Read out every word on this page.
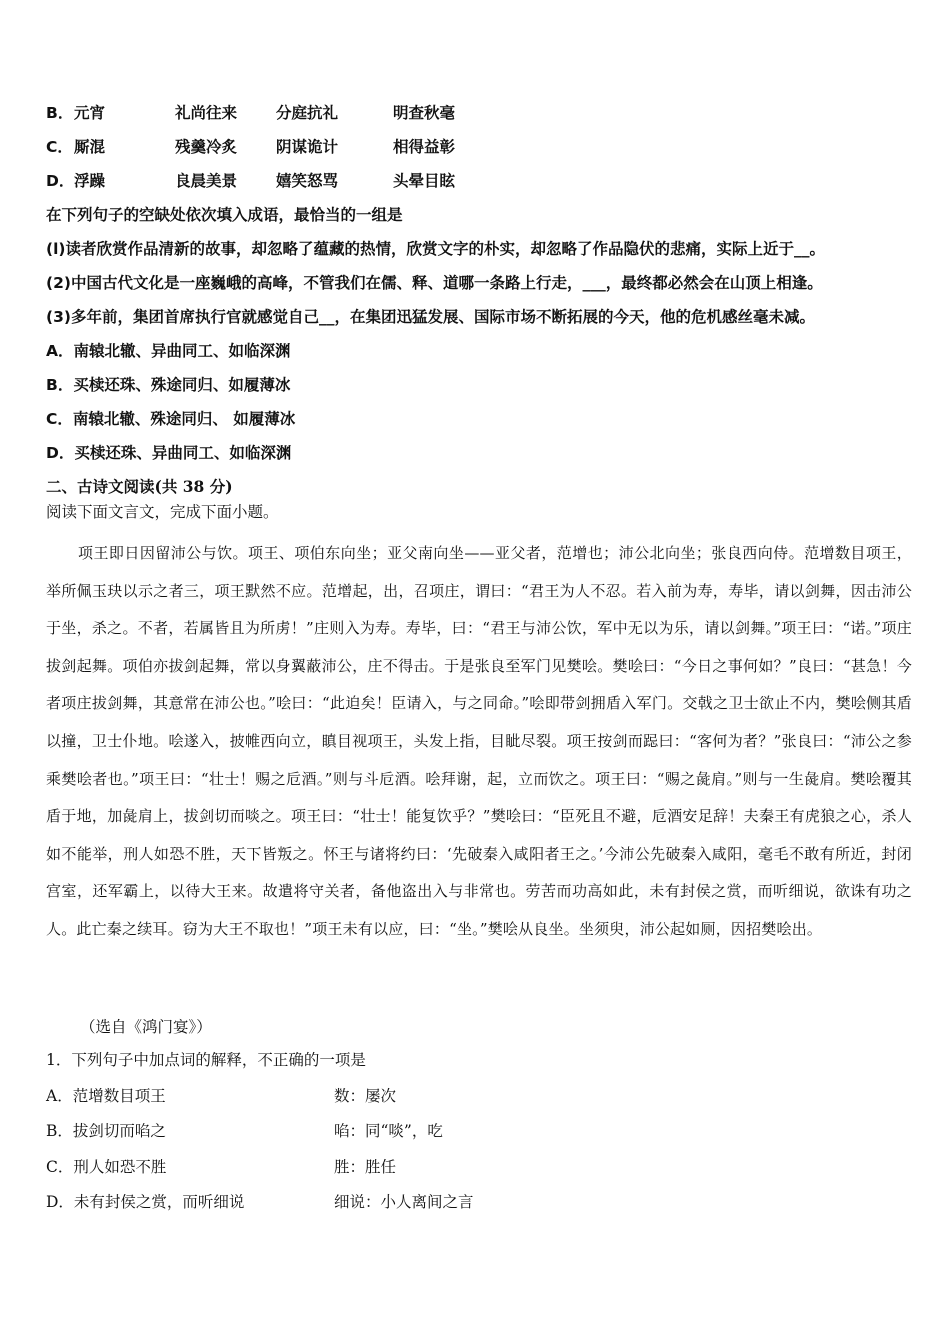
B． 元宵	礼尚往来	分庭抗礼	明查秋毫
C． 厮混	残羹冷炙	阴谋诡计	相得益彰
D． 浮躁	良晨美景	嬉笑怒骂	头晕目眩
在下列句子的空缺处依次填入成语，最恰当的一组是
(l)读者欣赏作品清新的故事，却忽略了蕴藏的热情，欣赏文字的朴实，却忽略了作品隐伏的悲痛，实际上近于__。
(2)中国古代文化是一座巍峨的高峰，不管我们在儒、释、道哪一条路上行走，___，最终都必然会在山顶上相逢。
(3)多年前，集团首席执行官就感觉自己__，在集团迅猛发展、国际市场不断拓展的今天，他的危机感丝毫未减。
A．南辕北辙、异曲同工、如临深渊
B．买椟还珠、殊途同归、如履薄冰
C．南辕北辙、殊途同归、 如履薄冰
D．买椟还珠、异曲同工、如临深渊
二、古诗文阅读(共 38 分)
阅读下面文言文，完成下面小题。
项王即日因留沛公与饮。项王、项伯东向坐；亚父南向坐——亚父者，范增也；沛公北向坐；张良西向侍。范增数目项王，举所佩玉玦以示之者三，项王默然不应。范增起，出，召项庄，谓曰：“君王为人不忍。若入前为寿，寿毕，请以剑舞，因击沛公于坐，杀之。不者，若属皆且为所虏！”庄则入为寿。寿毕，曰：“君王与沛公饮，军中无以为乐，请以剑舞。”项王曰：“诺。”项庄拔剑起舞。项伯亦拔剑起舞，常以身翼蔽沛公，庄不得击。于是张良至军门见樊哙。樊哙曰：“今日之事何如？”良曰：“甚急！今者项庄拔剑舞，其意常在沛公也。”哙曰：“此迫矣！臣请入，与之同命。”哙即带剑拥盾入军门。交戟之卫士欲止不内，樊哙侧其盾以撞，卫士仆地。哙遂入，披帷西向立，瞋目视项王，头发上指，目眦尽裂。项王按剑而跽曰：“客何为者？”张良曰：“沛公之参乘樊哙者也。”项王曰：“壮士！赐之卮酒。”则与斗卮酒。哙拜谢，起，立而饮之。项王曰：“赐之彘肩。”则与一生彘肩。樊哙覆其盾于地，加彘肩上，拔剑切而啖之。项王曰：“壮士！能复饮乎？”樊哙曰：“臣死且不避，卮酒安足辞！夫秦王有虎狼之心，杀人如不能举，刑人如恐不胜，天下皆叛之。怀王与诸将约曰：‘先破秦入咸阳者王之。’今沛公先破秦入咸阳，毫毛不敢有所近，封闭宫室，还军霸上，以待大王来。故遣将守关者，备他盗出入与非常也。劳苦而功高如此，未有封侯之赏，而听细说，欲诛有功之人。此亡秦之续耳。窃为大王不取也！”项王未有以应，曰：“坐。”樊哙从良坐。坐须臾，沛公起如厕，因招樊哙出。
（选自《鸿门宴》）
1．下列句子中加点词的解释，不正确的一项是
A．范增数目项王	数：屡次
B．拔剑切而啗之	啗：同“啖”，吃
C．刑人如恐不胜	胜：胜任
D．未有封侯之赏，而听细说	细说：小人离间之言
